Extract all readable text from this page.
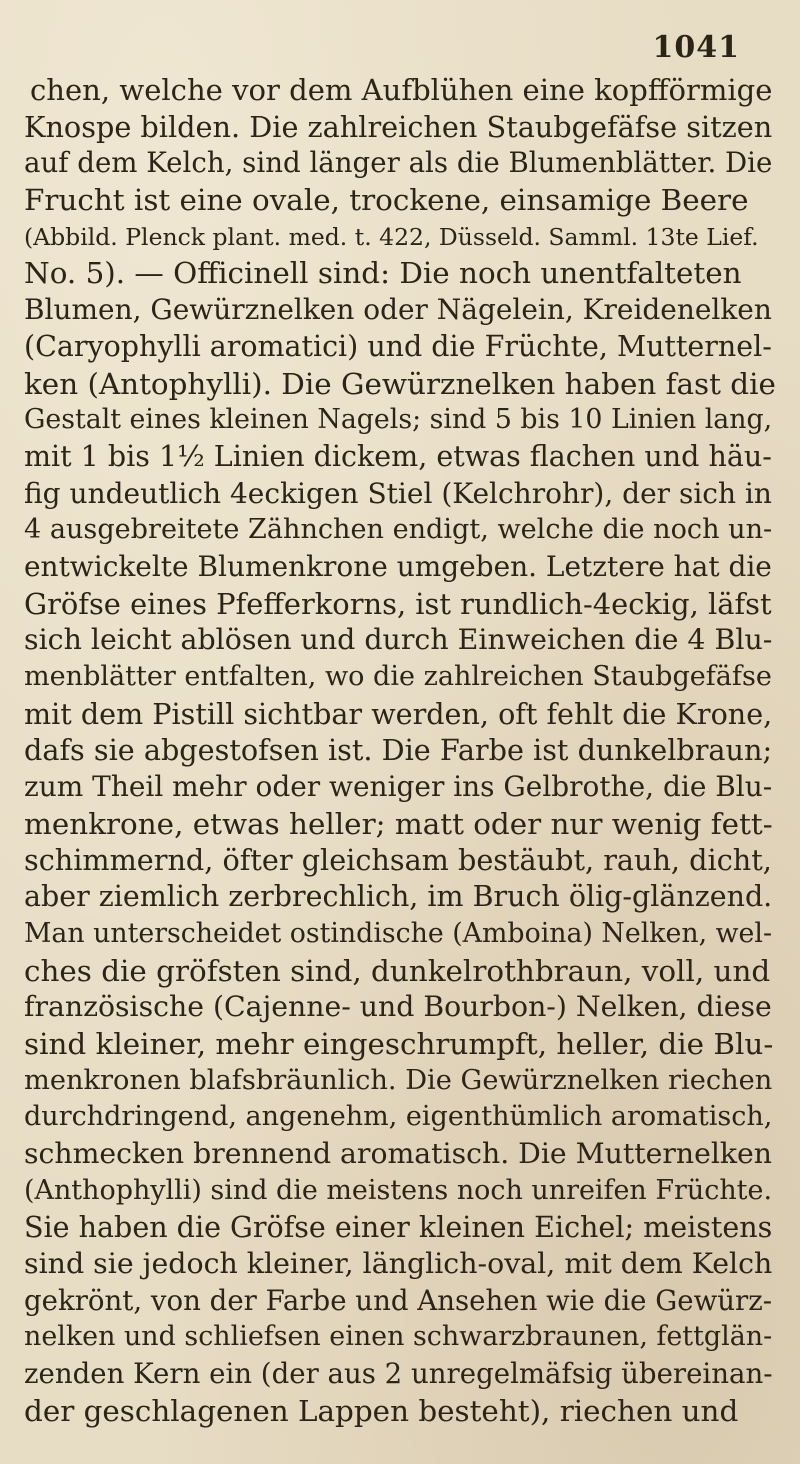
1041
chen, welche vor dem Aufblühen eine kopfförmige
Knospe bilden. Die zahlreichen Staubgefäfse sitzen
auf dem Kelch, sind länger als die Blumenblätter. Die
Frucht ist eine ovale, trockene, einsamige Beere
(Abbild. Plenck plant. med. t. 422, Düsseld. Samml. 13te Lief.
No. 5). — Officinell sind: Die noch unentfalteten
Blumen, Gewürznelken oder Nägelein, Kreidenelken
(Caryophylli aromatici) und die Früchte, Mutternel-
ken (Antophylli). Die Gewürznelken haben fast die
Gestalt eines kleinen Nagels; sind 5 bis 10 Linien lang,
mit 1 bis 1½ Linien dickem, etwas flachen und häu-
fig undeutlich 4eckigen Stiel (Kelchrohr), der sich in
4 ausgebreitete Zähnchen endigt, welche die noch un-
entwickelte Blumenkrone umgeben. Letztere hat die
Gröfse eines Pfefferkorns, ist rundlich-4eckig, läfst
sich leicht ablösen und durch Einweichen die 4 Blu-
menblätter entfalten, wo die zahlreichen Staubgefäfse
mit dem Pistill sichtbar werden, oft fehlt die Krone,
dafs sie abgestofsen ist. Die Farbe ist dunkelbraun;
zum Theil mehr oder weniger ins Gelbrothe, die Blu-
menkrone, etwas heller; matt oder nur wenig fett-
schimmernd, öfter gleichsam bestäubt, rauh, dicht,
aber ziemlich zerbrechlich, im Bruch ölig-glänzend.
Man unterscheidet ostindische (Amboina) Nelken, wel-
ches die gröfsten sind, dunkelrothbraun, voll, und
französische (Cajenne- und Bourbon-) Nelken, diese
sind kleiner, mehr eingeschrumpft, heller, die Blu-
menkronen blafsbräunlich. Die Gewürznelken riechen
durchdringend, angenehm, eigenthümlich aromatisch,
schmecken brennend aromatisch. Die Mutternelken
(Anthophylli) sind die meistens noch unreifen Früchte.
Sie haben die Gröfse einer kleinen Eichel; meistens
sind sie jedoch kleiner, länglich-oval, mit dem Kelch
gekrönt, von der Farbe und Ansehen wie die Gewürz-
nelken und schliefsen einen schwarzbraunen, fettglän-
zenden Kern ein (der aus 2 unregelmäfsig übereinan-
der geschlagenen Lappen besteht), riechen und
